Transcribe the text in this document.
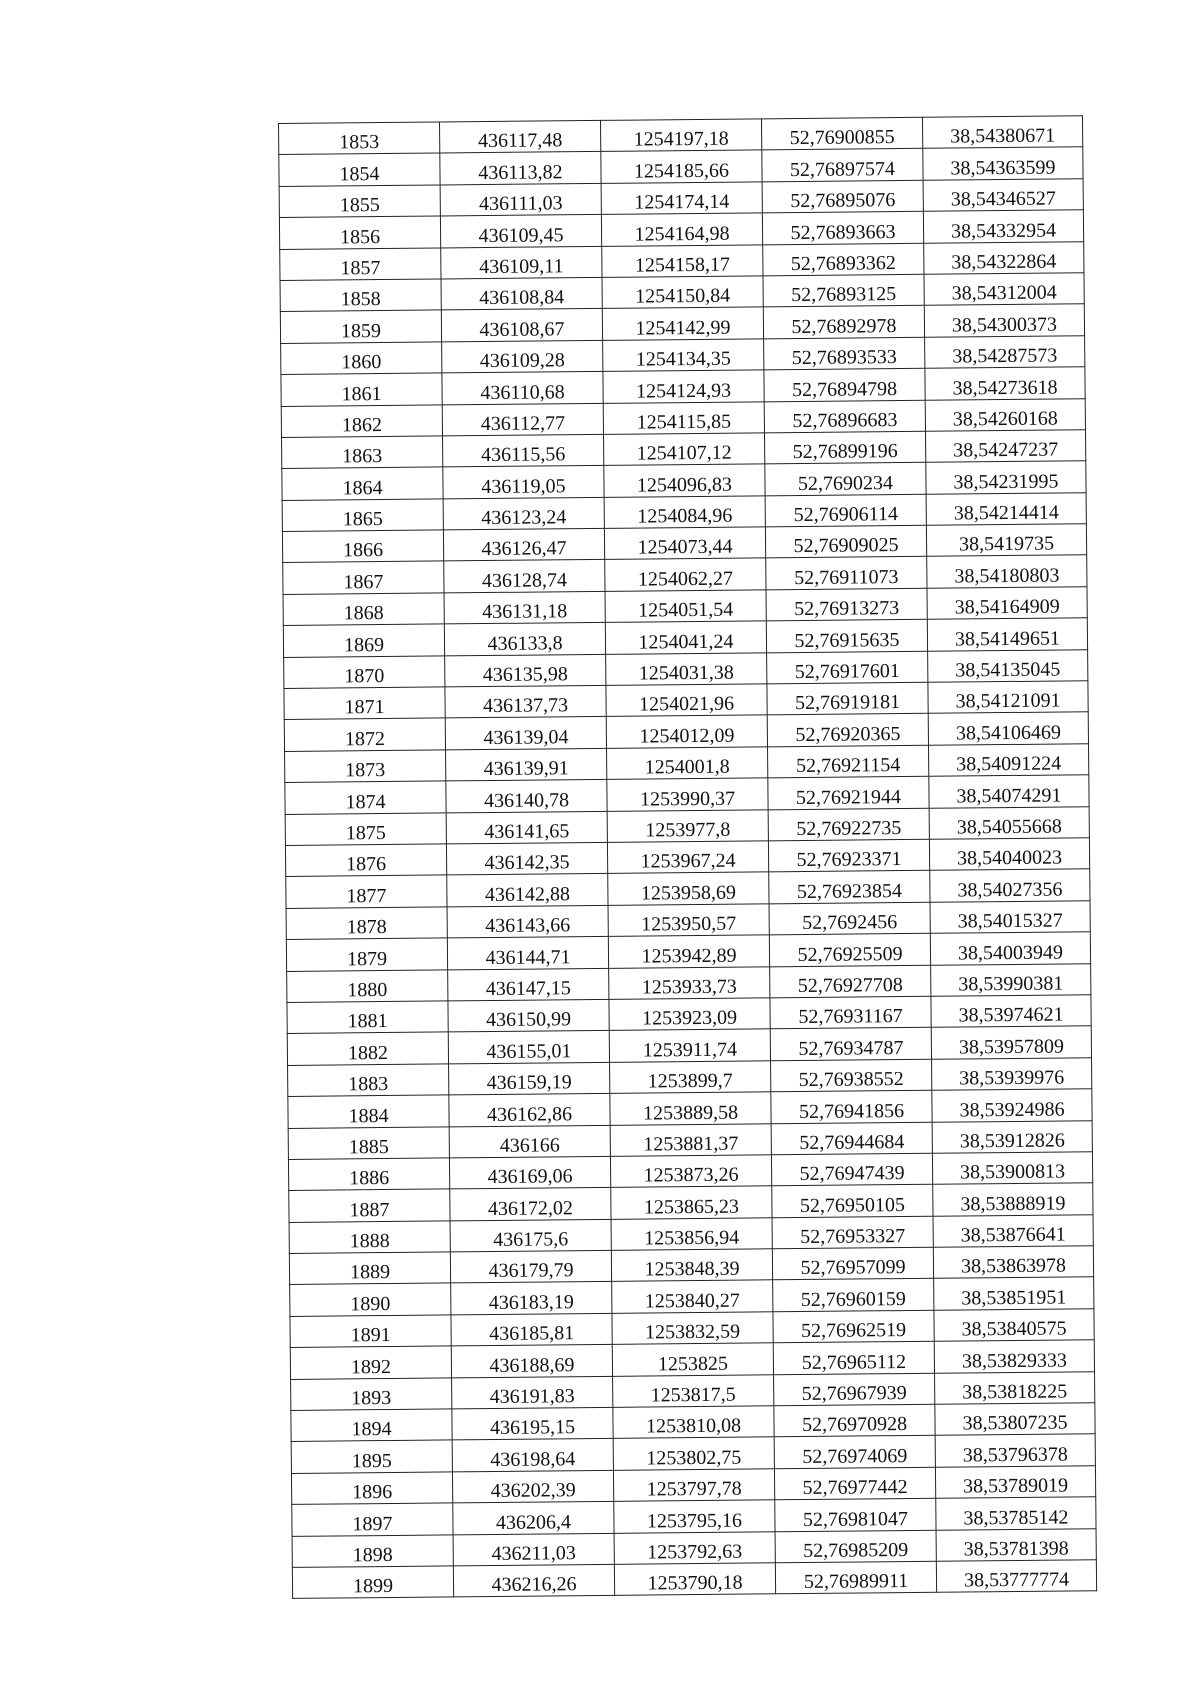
1853	436117,48	1254197,18	52,76900855	38,54380671
1854	436113,82	1254185,66	52,76897574	38,54363599
1855	436111,03	1254174,14	52,76895076	38,54346527
1856	436109,45	1254164,98	52,76893663	38,54332954
1857	436109,11	1254158,17	52,76893362	38,54322864
1858	436108,84	1254150,84	52,76893125	38,54312004
1859	436108,67	1254142,99	52,76892978	38,54300373
1860	436109,28	1254134,35	52,76893533	38,54287573
1861	436110,68	1254124,93	52,76894798	38,54273618
1862	436112,77	1254115,85	52,76896683	38,54260168
1863	436115,56	1254107,12	52,76899196	38,54247237
1864	436119,05	1254096,83	52,7690234	38,54231995
1865	436123,24	1254084,96	52,76906114	38,54214414
1866	436126,47	1254073,44	52,76909025	38,5419735
1867	436128,74	1254062,27	52,76911073	38,54180803
1868	436131,18	1254051,54	52,76913273	38,54164909
1869	436133,8	1254041,24	52,76915635	38,54149651
1870	436135,98	1254031,38	52,76917601	38,54135045
1871	436137,73	1254021,96	52,76919181	38,54121091
1872	436139,04	1254012,09	52,76920365	38,54106469
1873	436139,91	1254001,8	52,76921154	38,54091224
1874	436140,78	1253990,37	52,76921944	38,54074291
1875	436141,65	1253977,8	52,76922735	38,54055668
1876	436142,35	1253967,24	52,76923371	38,54040023
1877	436142,88	1253958,69	52,76923854	38,54027356
1878	436143,66	1253950,57	52,7692456	38,54015327
1879	436144,71	1253942,89	52,76925509	38,54003949
1880	436147,15	1253933,73	52,76927708	38,53990381
1881	436150,99	1253923,09	52,76931167	38,53974621
1882	436155,01	1253911,74	52,76934787	38,53957809
1883	436159,19	1253899,7	52,76938552	38,53939976
1884	436162,86	1253889,58	52,76941856	38,53924986
1885	436166	1253881,37	52,76944684	38,53912826
1886	436169,06	1253873,26	52,76947439	38,53900813
1887	436172,02	1253865,23	52,76950105	38,53888919
1888	436175,6	1253856,94	52,76953327	38,53876641
1889	436179,79	1253848,39	52,76957099	38,53863978
1890	436183,19	1253840,27	52,76960159	38,53851951
1891	436185,81	1253832,59	52,76962519	38,53840575
1892	436188,69	1253825	52,76965112	38,53829333
1893	436191,83	1253817,5	52,76967939	38,53818225
1894	436195,15	1253810,08	52,76970928	38,53807235
1895	436198,64	1253802,75	52,76974069	38,53796378
1896	436202,39	1253797,78	52,76977442	38,53789019
1897	436206,4	1253795,16	52,76981047	38,53785142
1898	436211,03	1253792,63	52,76985209	38,53781398
1899	436216,26	1253790,18	52,76989911	38,53777774
